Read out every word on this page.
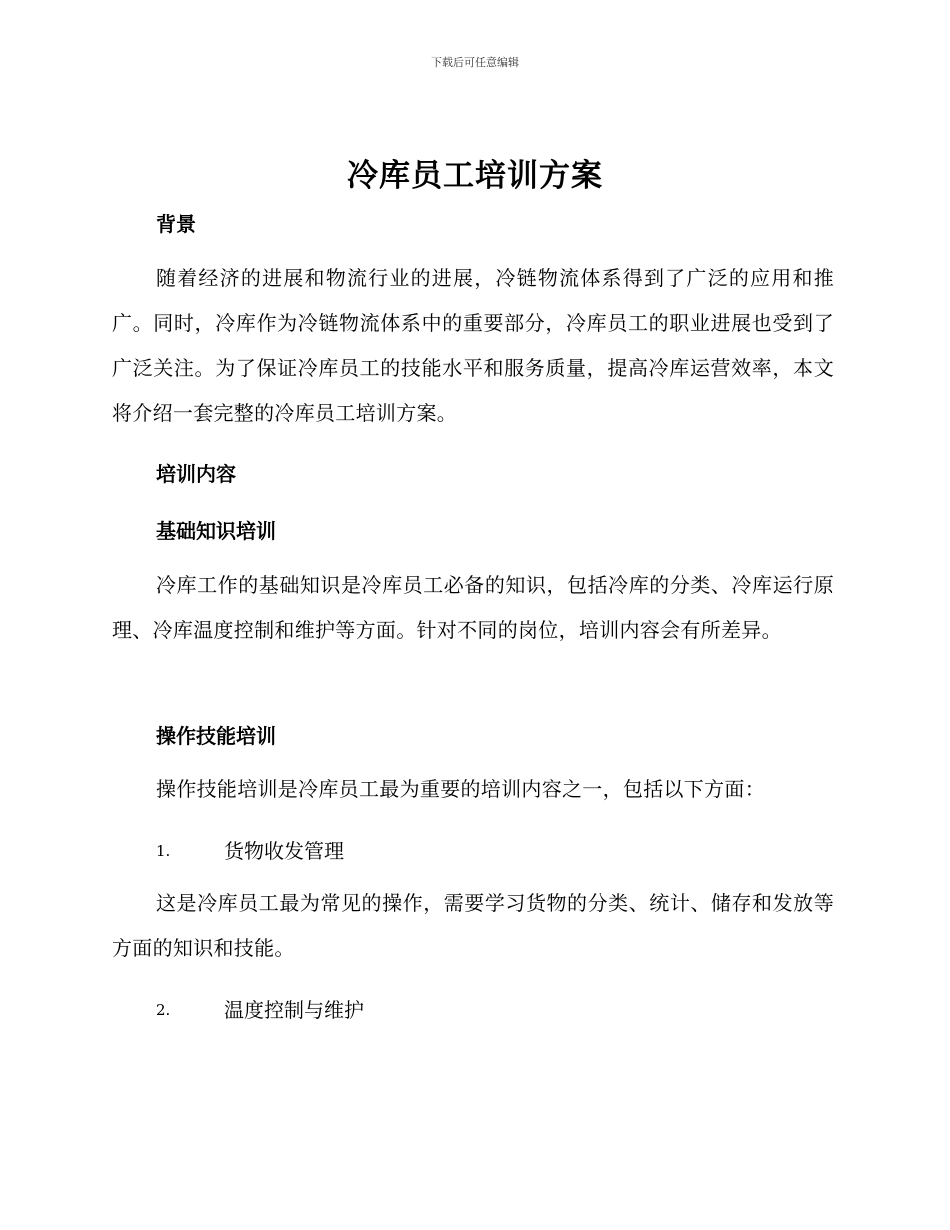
下载后可任意编辑
冷库员工培训方案
背景
随着经济的进展和物流行业的进展，冷链物流体系得到了广泛的应用和推广。同时，冷库作为冷链物流体系中的重要部分，冷库员工的职业进展也受到了广泛关注。为了保证冷库员工的技能水平和服务质量，提高冷库运营效率，本文将介绍一套完整的冷库员工培训方案。
培训内容
基础知识培训
冷库工作的基础知识是冷库员工必备的知识，包括冷库的分类、冷库运行原理、冷库温度控制和维护等方面。针对不同的岗位，培训内容会有所差异。
操作技能培训
操作技能培训是冷库员工最为重要的培训内容之一，包括以下方面：
1.	货物收发管理
这是冷库员工最为常见的操作，需要学习货物的分类、统计、储存和发放等方面的知识和技能。
2.	温度控制与维护
